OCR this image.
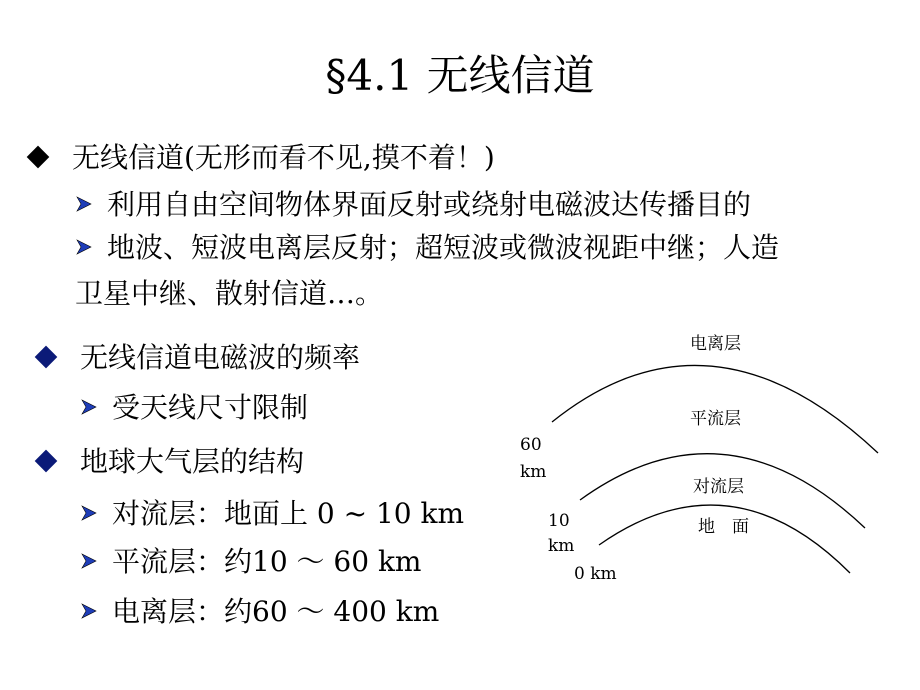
§4.1 无线信道
无线信道(无形而看不见,摸不着！)
利用自由空间物体界面反射或绕射电磁波达传播目的
地波、短波电离层反射；超短波或微波视距中继；人造
卫星中继、散射信道…。
无线信道电磁波的频率
受天线尺寸限制
地球大气层的结构
对流层：地面上 0 ~ 10 km
平流层：约10 ～ 60 km
电离层：约60 ～ 400 km
电离层
平流层
对流层
地　面
60
km
10
km
0 km
